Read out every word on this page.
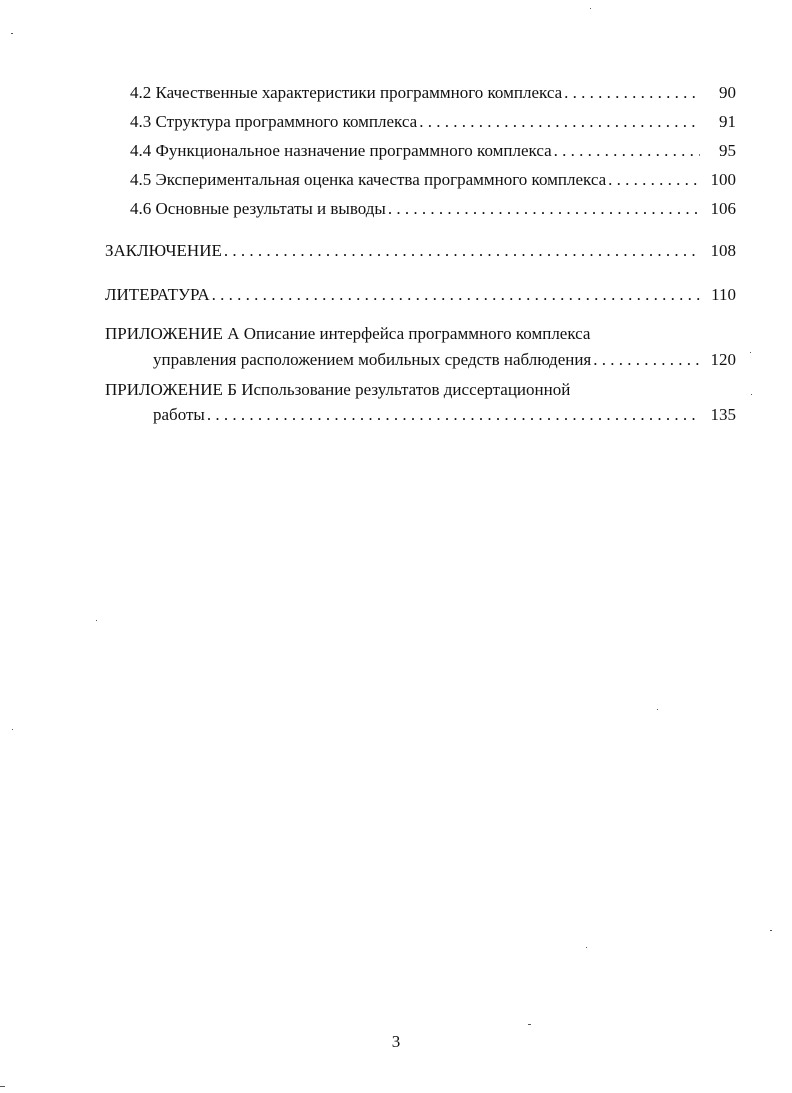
4.2 Качественные характеристики программного комплекса . . .	90
4.3 Структура программного комплекса . . .	91
4.4 Функциональное назначение программного комплекса . . .	95
4.5 Экспериментальная оценка качества программного комплекса . . .	100
4.6 Основные результаты и выводы . . .	106
ЗАКЛЮЧЕНИЕ . . .	108
ЛИТЕРАТУРА . . .	110
ПРИЛОЖЕНИЕ А Описание интерфейса программного комплекса
управления расположением мобильных средств наблюдения . . .	120
ПРИЛОЖЕНИЕ Б Использование результатов диссертационной
работы . . .	135
3
